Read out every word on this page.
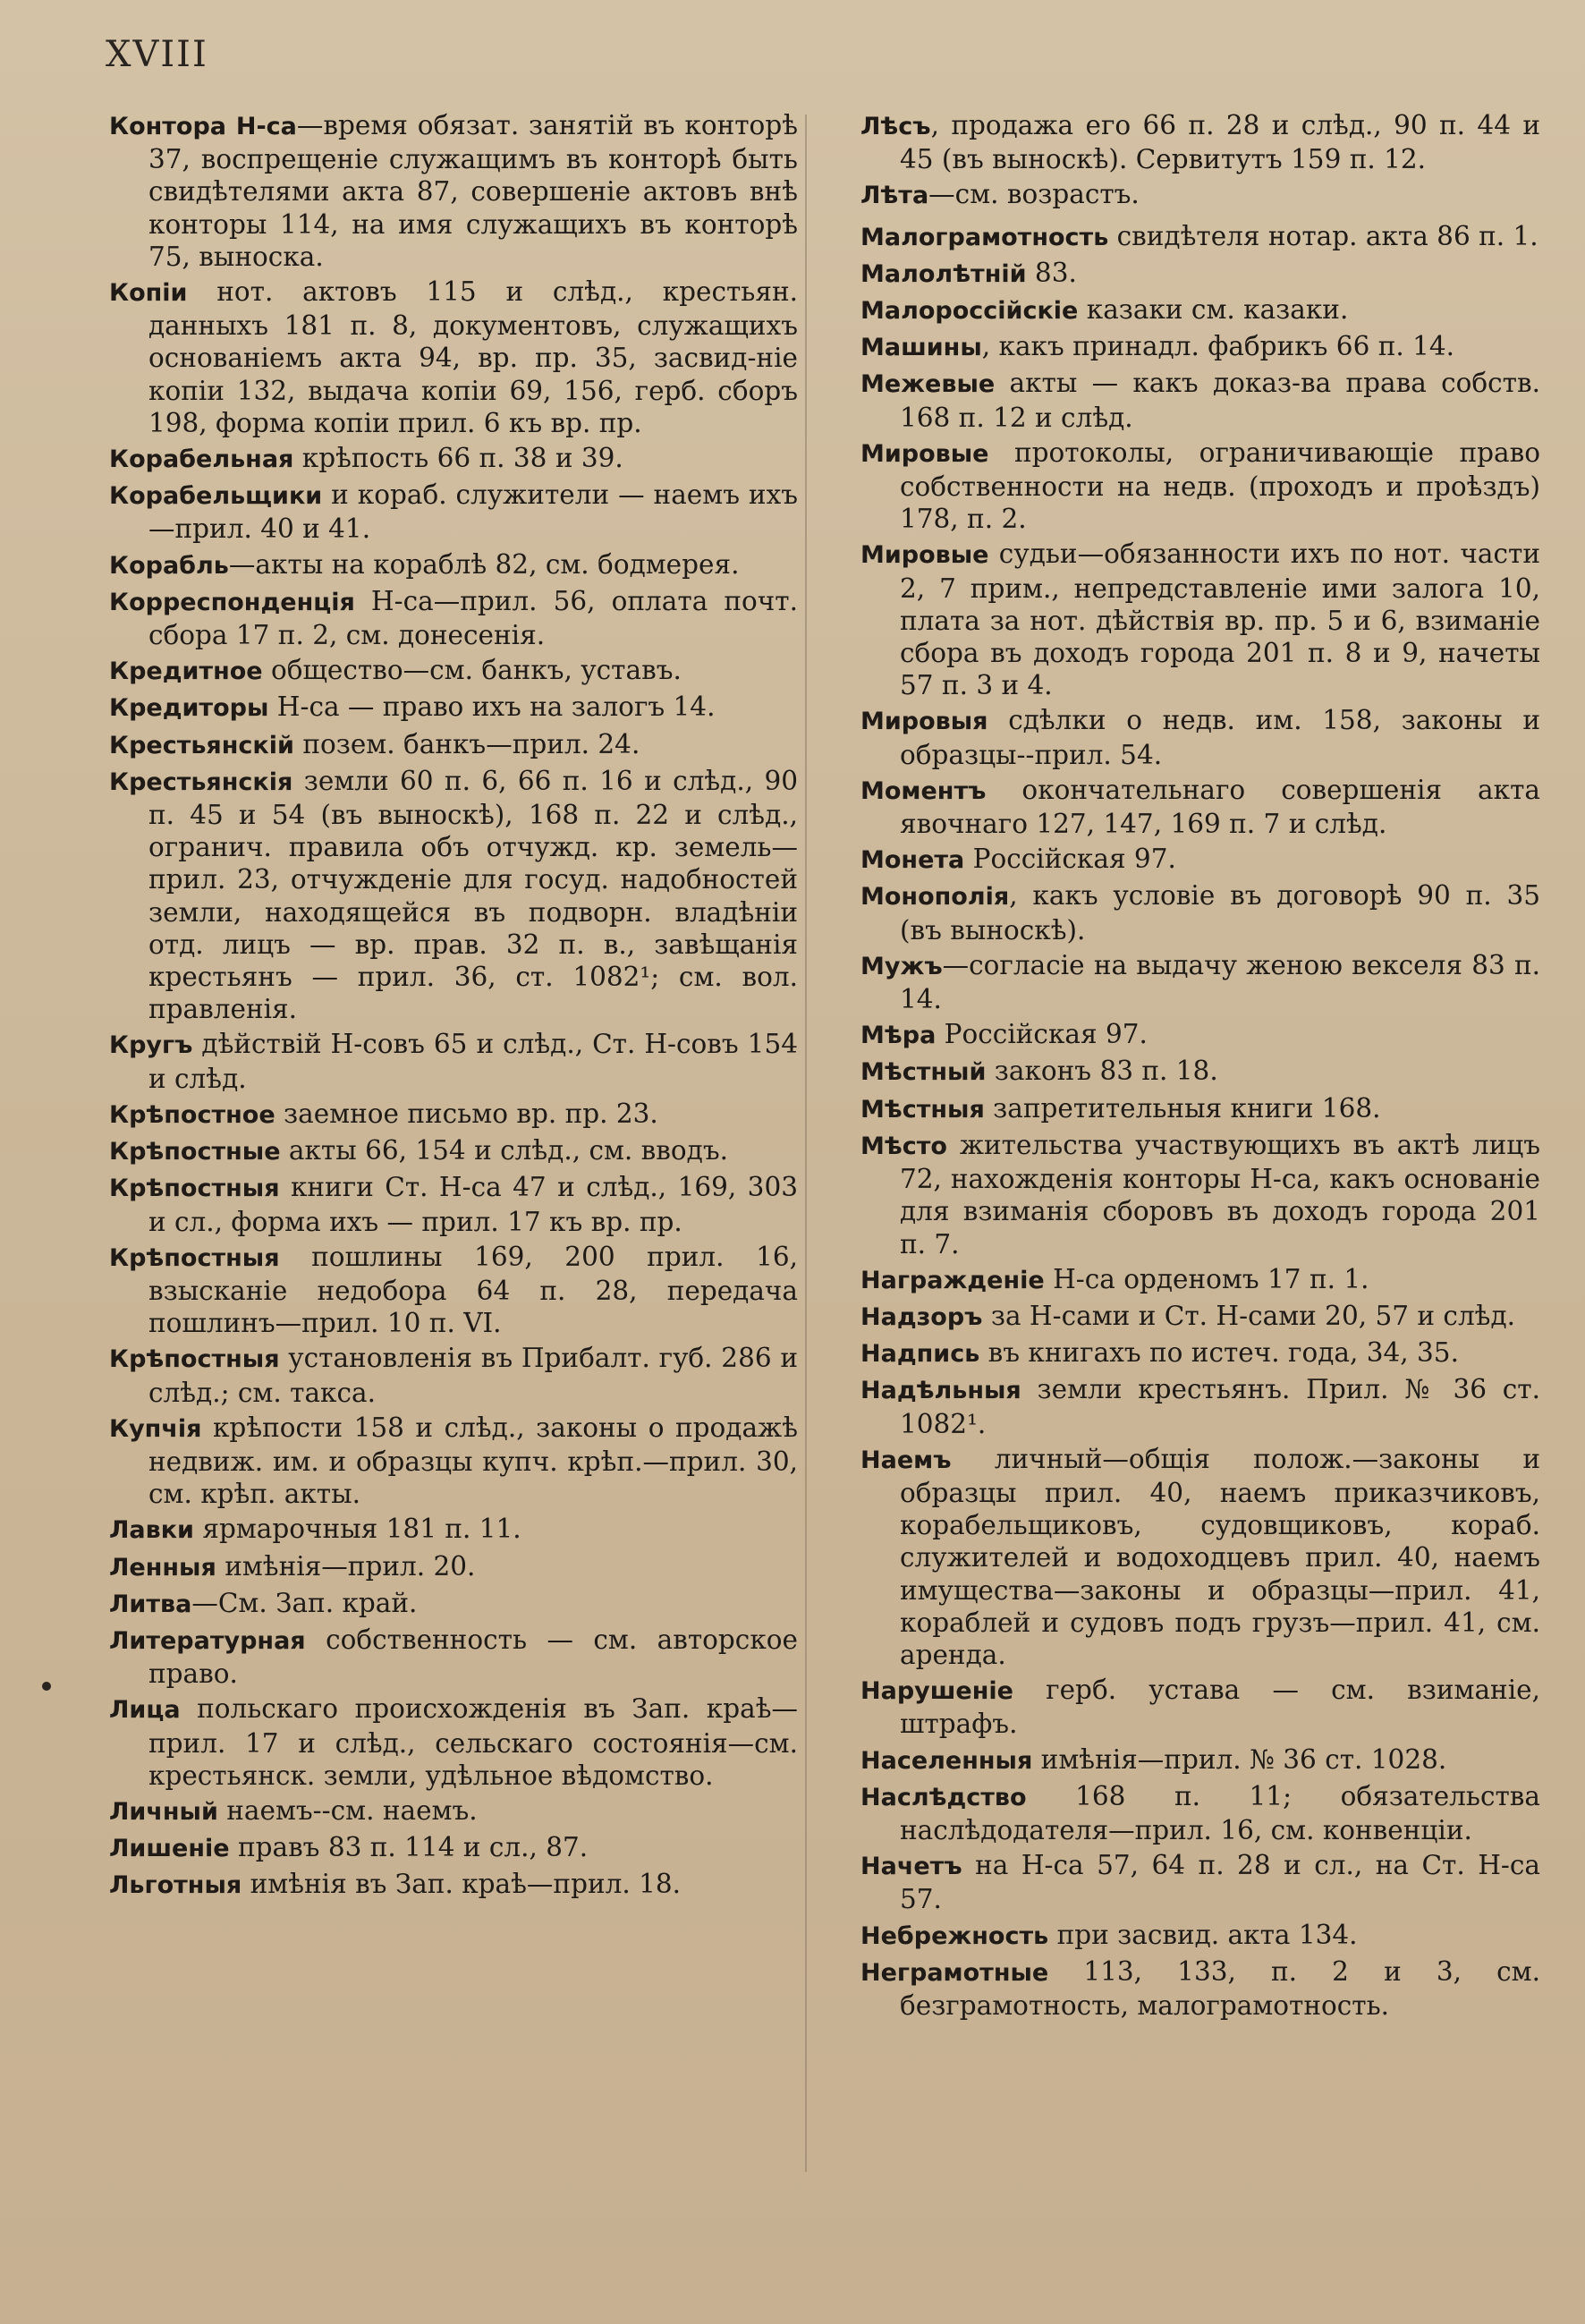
XVIII

Контора Н-са—время обязат. занятій въ конторѣ 37, воспрещеніе служащимъ въ конторѣ быть свидѣтелями акта 87, совершеніе актовъ внѣ конторы 114, на имя служащихъ въ конторѣ 75, выноска.

Копіи нот. актовъ 115 и слѣд., крестьян. данныхъ 181 п. 8, документовъ, служащихъ основаніемъ акта 94, вр. пр. 35, засвид-ніе копіи 132, выдача копіи 69, 156, герб. сборъ 198, форма копіи прил. 6 къ вр. пр.

Корабельная крѣпость 66 п. 38 и 39.

Корабельщики и кораб. служители — наемъ ихъ—прил. 40 и 41.

Корабль—акты на кораблѣ 82, см. бодмерея.

Корреспонденція Н-са—прил. 56, оплата почт. сбора 17 п. 2, см. донесенія.

Кредитное общество—см. банкъ, уставъ.

Кредиторы Н-са — право ихъ на залогъ 14.

Крестьянскій позем. банкъ—прил. 24.

Крестьянскія земли 60 п. 6, 66 п. 16 и слѣд., 90 п. 45 и 54 (въ выноскѣ), 168 п. 22 и слѣд., огранич. правила объ отчужд. кр. земель—прил. 23, отчужденіе для госуд. надобностей земли, находящейся въ подворн. владѣніи отд. лицъ — вр. прав. 32 п. в., завѣщанія крестьянъ — прил. 36, ст. 1082¹; см. вол. правленія.

Кругъ дѣйствій Н-совъ 65 и слѣд., Ст. Н-совъ 154 и слѣд.

Крѣпостное заемное письмо вр. пр. 23.

Крѣпостные акты 66, 154 и слѣд., см. вводъ.

Крѣпостныя книги Ст. Н-са 47 и слѣд., 169, 303 и сл., форма ихъ — прил. 17 къ вр. пр.

Крѣпостныя пошлины 169, 200 прил. 16, взысканіе недобора 64 п. 28, передача пошлинъ—прил. 10 п. VI.

Крѣпостныя установленія въ Прибалт. губ. 286 и слѣд.; см. такса.

Купчія крѣпости 158 и слѣд., законы о продажѣ недвиж. им. и образцы купч. крѣп.—прил. 30, см. крѣп. акты.

Лавки ярмарочныя 181 п. 11.

Ленныя имѣнія—прил. 20.

Литва—См. Зап. край.

Литературная собственность — см. авторское право.

Лица польскаго происхожденія въ Зап. краѣ—прил. 17 и слѣд., сельскаго состоянія—см. крестьянск. земли, удѣльное вѣдомство.

Личный наемъ--см. наемъ.

Лишеніе правъ 83 п. 114 и сл., 87.

Льготныя имѣнія въ Зап. краѣ—прил. 18.

Лѣсъ, продажа его 66 п. 28 и слѣд., 90 п. 44 и 45 (въ выноскѣ). Сервитутъ 159 п. 12.

Лѣта—см. возрастъ.

Малограмотность свидѣтеля нотар. акта 86 п. 1.

Малолѣтній 83.

Малороссійскіе казаки см. казаки.

Машины, какъ принадл. фабрикъ 66 п. 14.

Межевые акты — какъ доказ-ва права собств. 168 п. 12 и слѣд.

Мировые протоколы, ограничивающіе право собственности на недв. (проходъ и проѣздъ) 178, п. 2.

Мировые судьи—обязанности ихъ по нот. части 2, 7 прим., непредставленіе ими залога 10, плата за нот. дѣйствія вр. пр. 5 и 6, взиманіе сбора въ доходъ города 201 п. 8 и 9, начеты 57 п. 3 и 4.

Мировыя сдѣлки о недв. им. 158, законы и образцы--прил. 54.

Моментъ окончательнаго совершенія акта явочнаго 127, 147, 169 п. 7 и слѣд.

Монета Россійская 97.

Монополія, какъ условіе въ договорѣ 90 п. 35 (въ выноскѣ).

Мужъ—согласіе на выдачу женою векселя 83 п. 14.

Мѣра Россійская 97.

Мѣстный законъ 83 п. 18.

Мѣстныя запретительныя книги 168.

Мѣсто жительства участвующихъ въ актѣ лицъ 72, нахожденія конторы Н-са, какъ основаніе для взиманія сборовъ въ доходъ города 201 п. 7.

Награжденіе Н-са орденомъ 17 п. 1.

Надзоръ за Н-сами и Ст. Н-сами 20, 57 и слѣд.

Надпись въ книгахъ по истеч. года, 34, 35.

Надѣльныя земли крестьянъ. Прил. № 36 ст. 1082¹.

Наемъ личный—общія полож.—законы и образцы прил. 40, наемъ приказчиковъ, корабельщиковъ, судовщиковъ, кораб. служителей и водоходцевъ прил. 40, наемъ имущества—законы и образцы—прил. 41, кораблей и судовъ подъ грузъ—прил. 41, см. аренда.

Нарушеніе герб. устава — см. взиманіе, штрафъ.

Населенныя имѣнія—прил. № 36 ст. 1028.

Наслѣдство 168 п. 11; обязательства наслѣдодателя—прил. 16, см. конвенціи.

Начетъ на Н-са 57, 64 п. 28 и сл., на Ст. Н-са 57.

Небрежность при засвид. акта 134.

Неграмотные 113, 133, п. 2 и 3, см. безграмотность, малограмотность.
